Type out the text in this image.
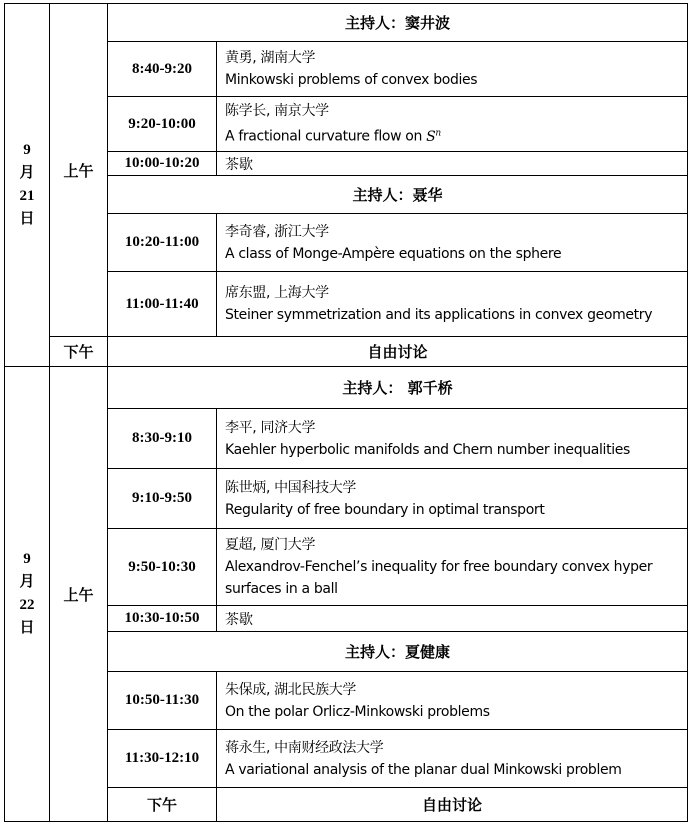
9
月
21
日	上午	主持人：窦井波	
		8:40-9:20	黄勇, 湖南大学
Minkowski problems of convex bodies

		9:20-10:00	陈学长, 南京大学
A fractional curvature flow on $S^n$

		10:00-10:20	茶歇
		主持人：聂华	
		10:20-11:00	李奇睿, 浙江大学
A class of Monge-Ampère equations on the sphere

		11:00-11:40	席东盟, 上海大学
Steiner symmetrization and its applications in convex geometry

	下午	自由讨论	

9
月
22
日	上午	主持人： 郭千桥	
		8:30-9:10	李平, 同济大学
Kaehler hyperbolic manifolds and Chern number inequalities

		9:10-9:50	陈世炳, 中国科技大学
Regularity of free boundary in optimal transport

		9:50-10:30	夏超, 厦门大学
Alexandrov-Fenchel’s inequality for free boundary convex hyper surfaces in a ball

		10:30-10:50	茶歇
		主持人：夏健康	
		10:50-11:30	朱保成, 湖北民族大学
On the polar Orlicz-Minkowski problems

		11:30-12:10	蒋永生, 中南财经政法大学
A variational analysis of the planar dual Minkowski problem

		下午	自由讨论
